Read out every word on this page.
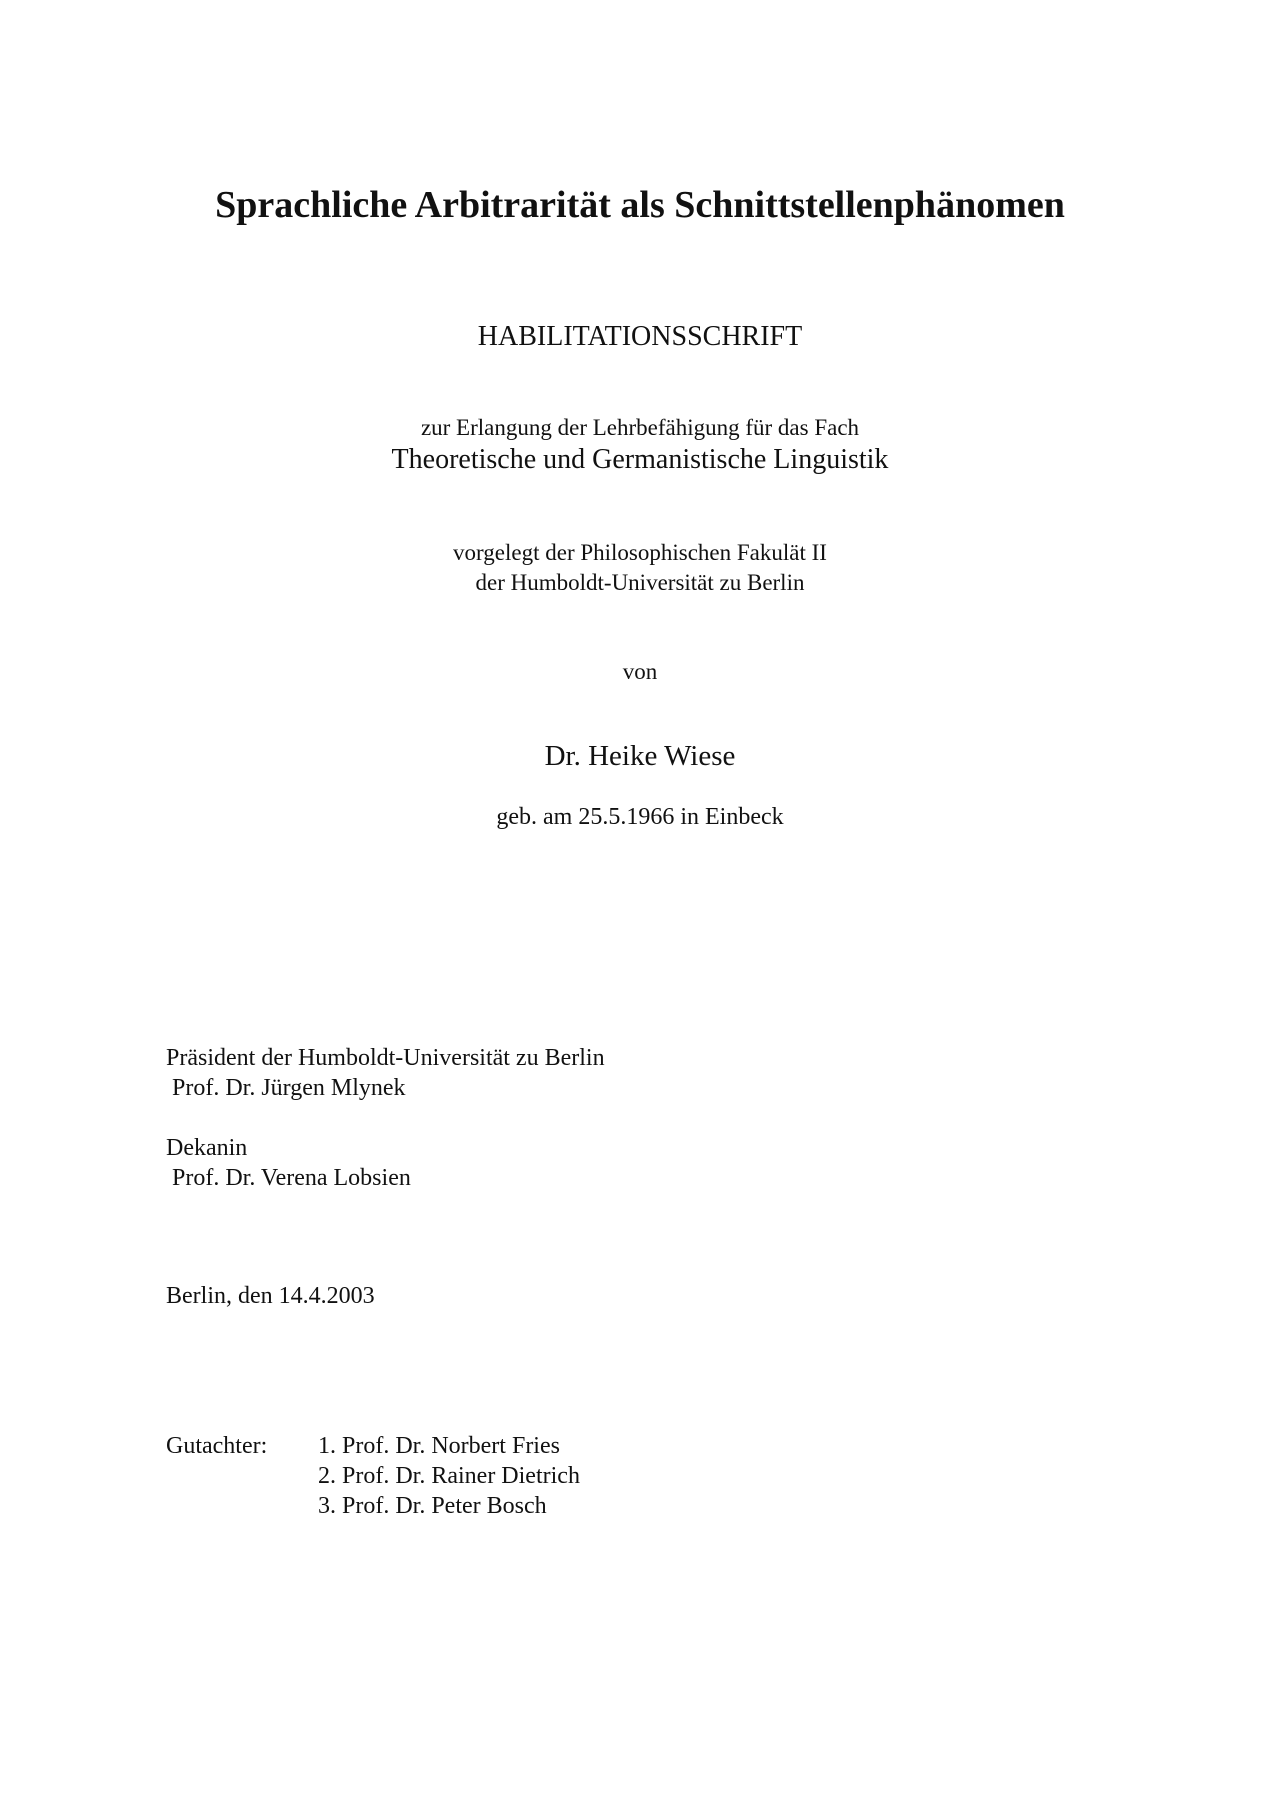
Sprachliche Arbitrarität als Schnittstellenphänomen
HABILITATIONSSCHRIFT
zur Erlangung der Lehrbefähigung für das Fach
Theoretische und Germanistische Linguistik
vorgelegt der Philosophischen Fakulät II
der Humboldt-Universität zu Berlin
von
Dr. Heike Wiese
geb. am 25.5.1966 in Einbeck
Präsident der Humboldt-Universität zu Berlin
Prof. Dr. Jürgen Mlynek
Dekanin
Prof. Dr. Verena Lobsien
Berlin, den 14.4.2003
Gutachter: 1. Prof. Dr. Norbert Fries
2. Prof. Dr. Rainer Dietrich
3. Prof. Dr. Peter Bosch
